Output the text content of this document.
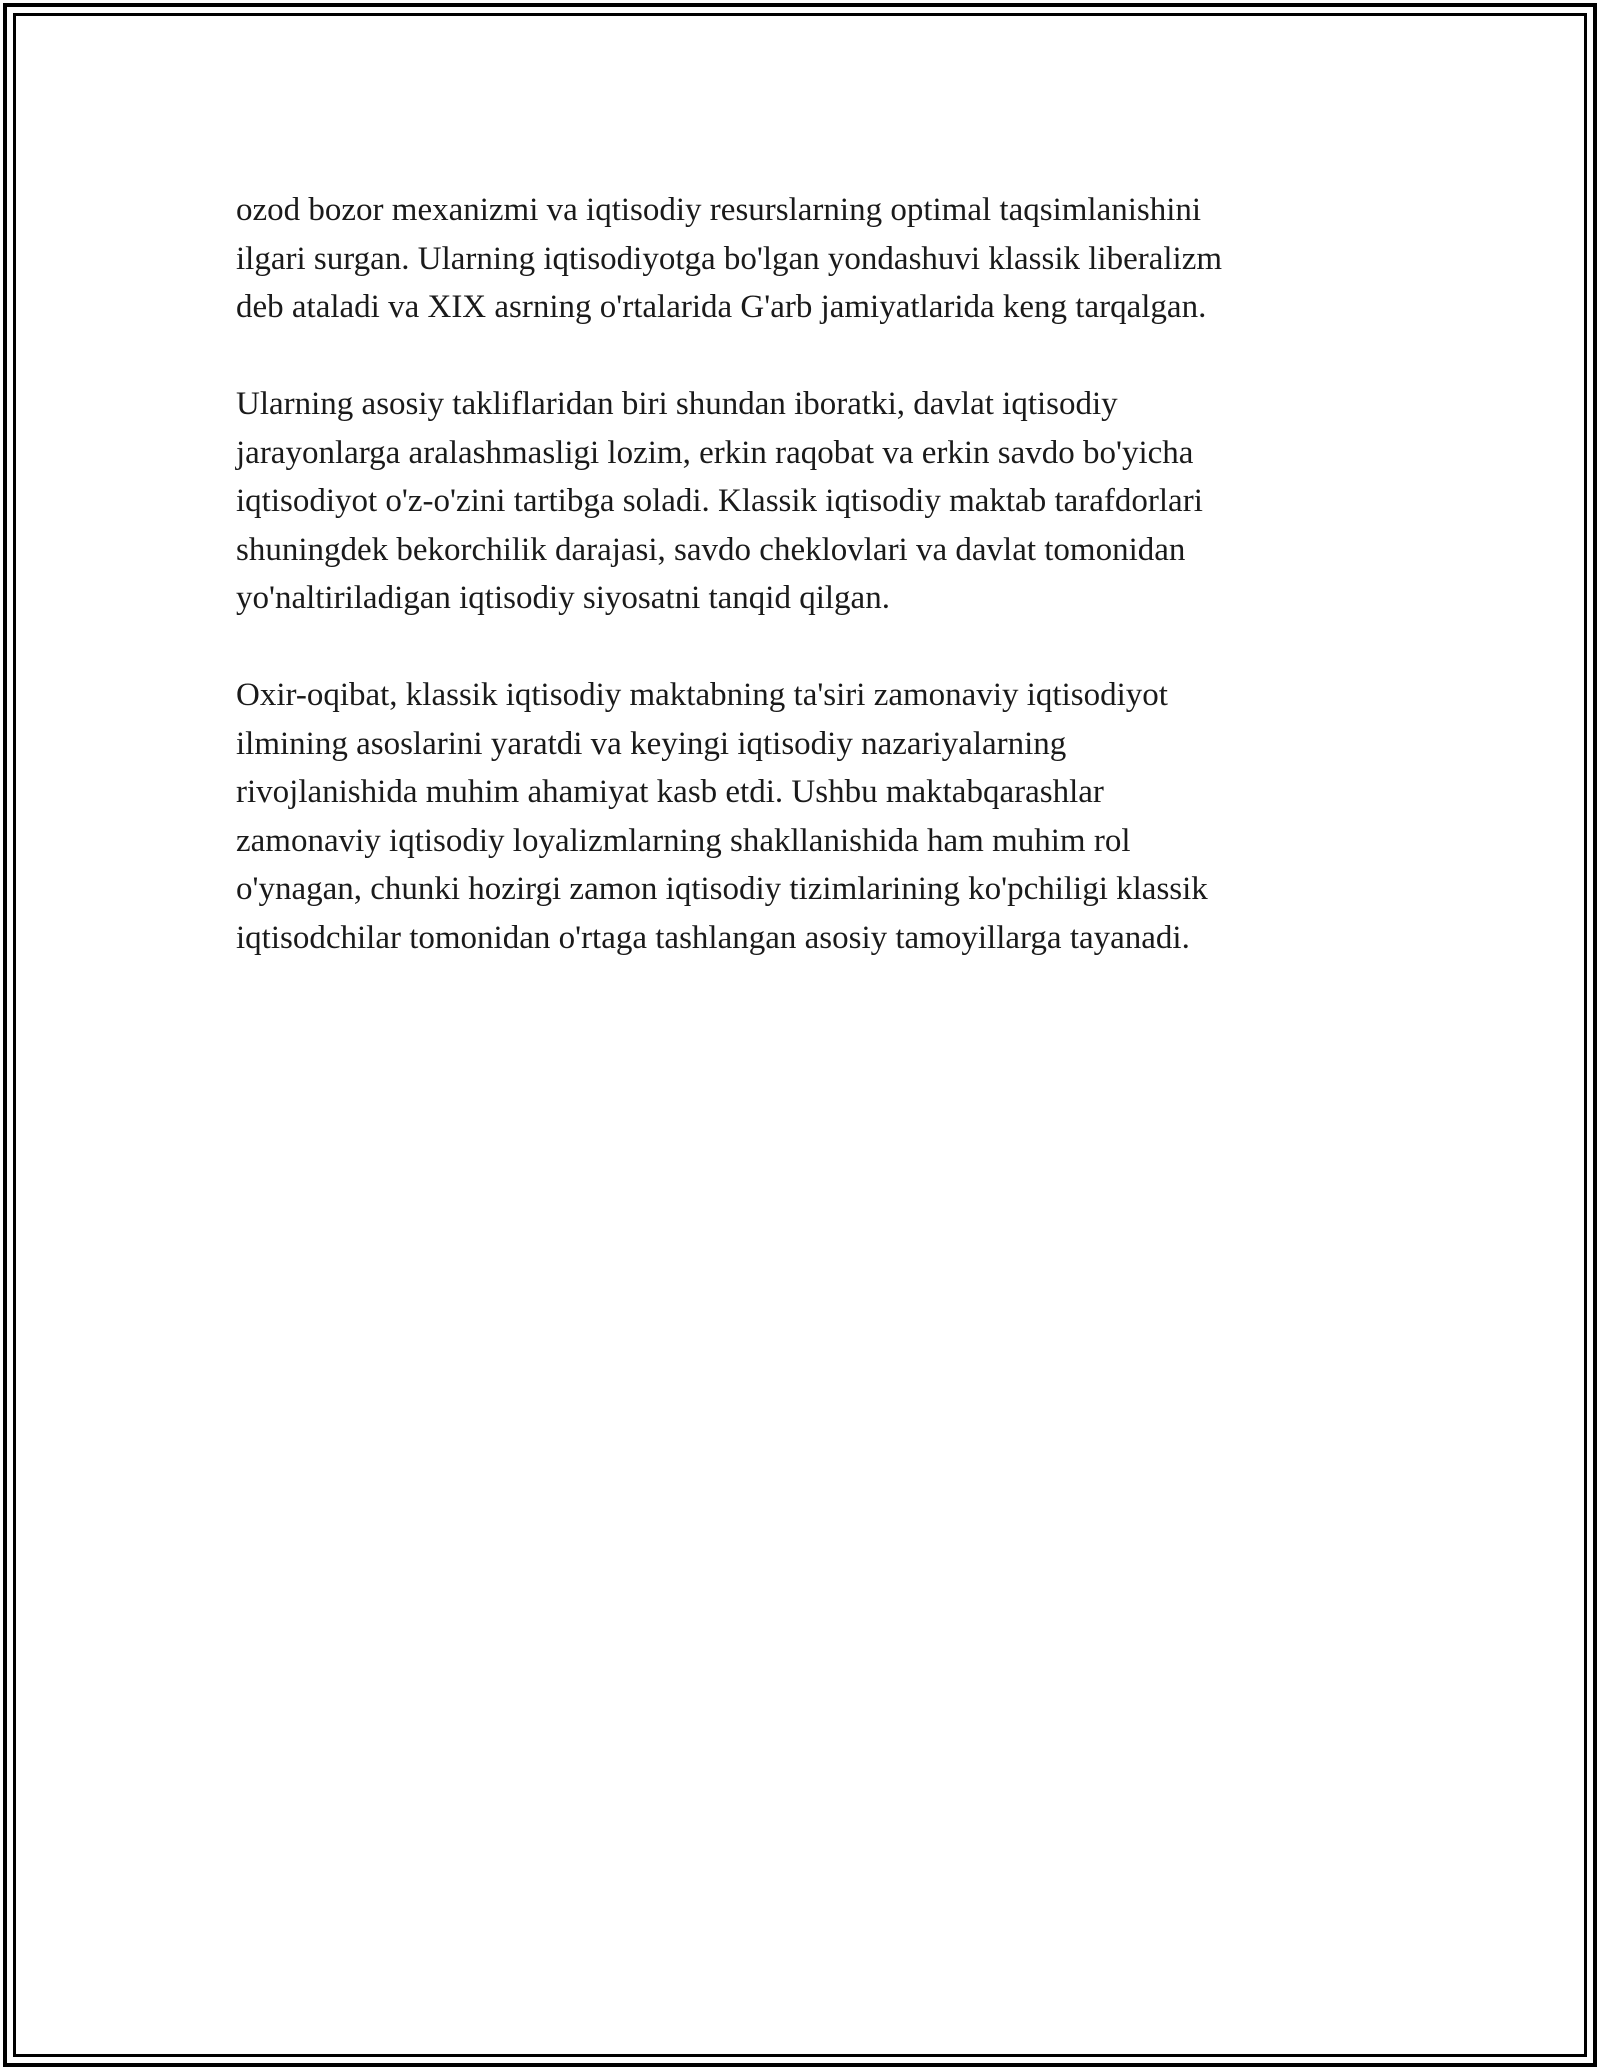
ozod bozor mexanizmi va iqtisodiy resurslarning optimal taqsimlanishini
ilgari surgan. Ularning iqtisodiyotga bo'lgan yondashuvi klassik liberalizm
deb ataladi va XIX asrning o'rtalarida G'arb jamiyatlarida keng tarqalgan.

Ularning asosiy takliflaridan biri shundan iboratki, davlat iqtisodiy
jarayonlarga aralashmasligi lozim, erkin raqobat va erkin savdo bo'yicha
iqtisodiyot o'z-o'zini tartibga soladi. Klassik iqtisodiy maktab tarafdorlari
shuningdek bekorchilik darajasi, savdo cheklovlari va davlat tomonidan
yo'naltiriladigan iqtisodiy siyosatni tanqid qilgan.

Oxir-oqibat, klassik iqtisodiy maktabning ta'siri zamonaviy iqtisodiyot
ilmining asoslarini yaratdi va keyingi iqtisodiy nazariyalarning
rivojlanishida muhim ahamiyat kasb etdi. Ushbu maktabqarashlar
zamonaviy iqtisodiy loyalizmlarning shakllanishida ham muhim rol
o'ynagan, chunki hozirgi zamon iqtisodiy tizimlarining ko'pchiligi klassik
iqtisodchilar tomonidan o'rtaga tashlangan asosiy tamoyillarga tayanadi.
